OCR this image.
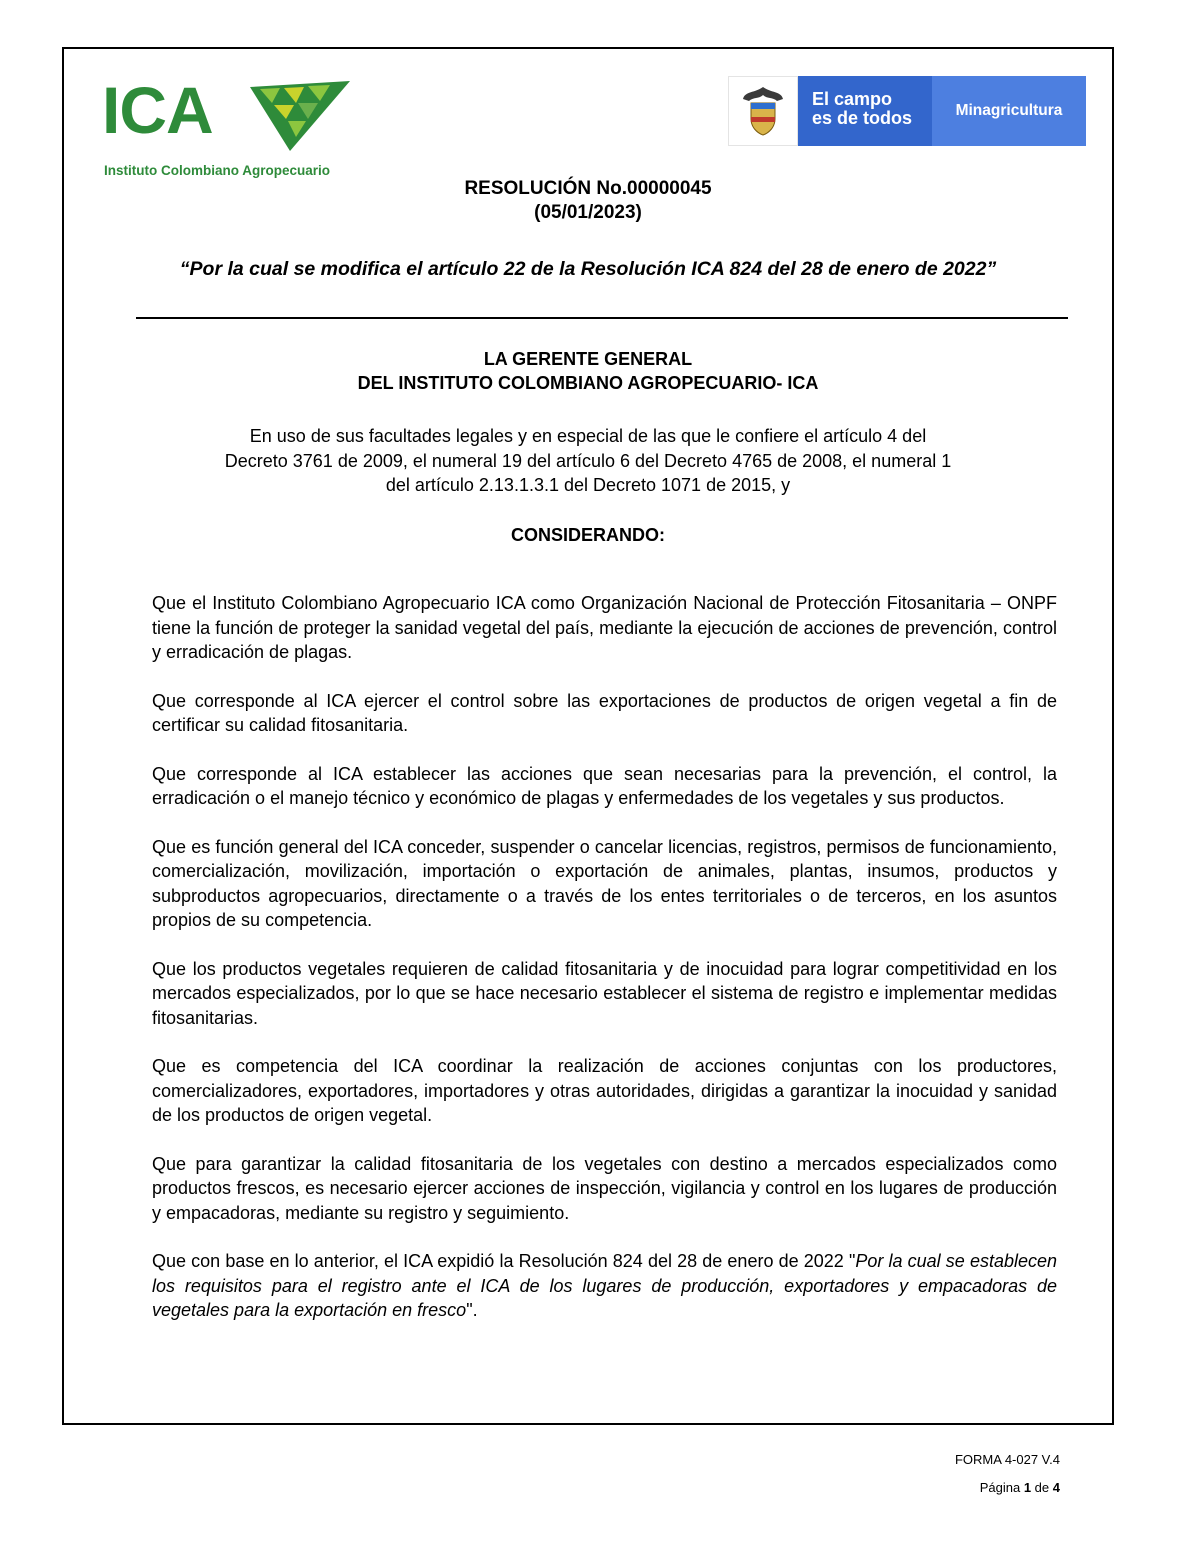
ICA
Instituto Colombiano Agropecuario
El campo
es de todos	Minagricultura
RESOLUCIÓN No.00000045
(05/01/2023)
“Por la cual se modifica el artículo 22 de la Resolución ICA 824 del 28 de enero de 2022”
LA GERENTE GENERAL
DEL INSTITUTO COLOMBIANO AGROPECUARIO- ICA
En uso de sus facultades legales y en especial de las que le confiere el artículo 4 del
Decreto 3761 de 2009, el numeral 19 del artículo 6 del Decreto 4765 de 2008, el numeral 1
del artículo 2.13.1.3.1 del Decreto 1071 de 2015, y
CONSIDERANDO:

Que el Instituto Colombiano Agropecuario ICA como Organización Nacional de Protección Fitosanitaria – ONPF tiene la función de proteger la sanidad vegetal del país, mediante la ejecución de acciones de prevención, control y erradicación de plagas.

Que corresponde al ICA ejercer el control sobre las exportaciones de productos de origen vegetal a fin de certificar su calidad fitosanitaria.

Que corresponde al ICA establecer las acciones que sean necesarias para la prevención, el control, la erradicación o el manejo técnico y económico de plagas y enfermedades de los vegetales y sus productos.

Que es función general del ICA conceder, suspender o cancelar licencias, registros, permisos de funcionamiento, comercialización, movilización, importación o exportación de animales, plantas, insumos, productos y subproductos agropecuarios, directamente o a través de los entes territoriales o de terceros, en los asuntos propios de su competencia.

Que los productos vegetales requieren de calidad fitosanitaria y de inocuidad para lograr competitividad en los mercados especializados, por lo que se hace necesario establecer el sistema de registro e implementar medidas fitosanitarias.

Que es competencia del ICA coordinar la realización de acciones conjuntas con los productores, comercializadores, exportadores, importadores y otras autoridades, dirigidas a garantizar la inocuidad y sanidad de los productos de origen vegetal.

Que para garantizar la calidad fitosanitaria de los vegetales con destino a mercados especializados como productos frescos, es necesario ejercer acciones de inspección, vigilancia y control en los lugares de producción y empacadoras, mediante su registro y seguimiento.

Que con base en lo anterior, el ICA expidió la Resolución 824 del 28 de enero de 2022 "Por la cual se establecen los requisitos para el registro ante el ICA de los lugares de producción, exportadores y empacadoras de vegetales para la exportación en fresco".

FORMA 4-027 V.4
Página 1 de 4
